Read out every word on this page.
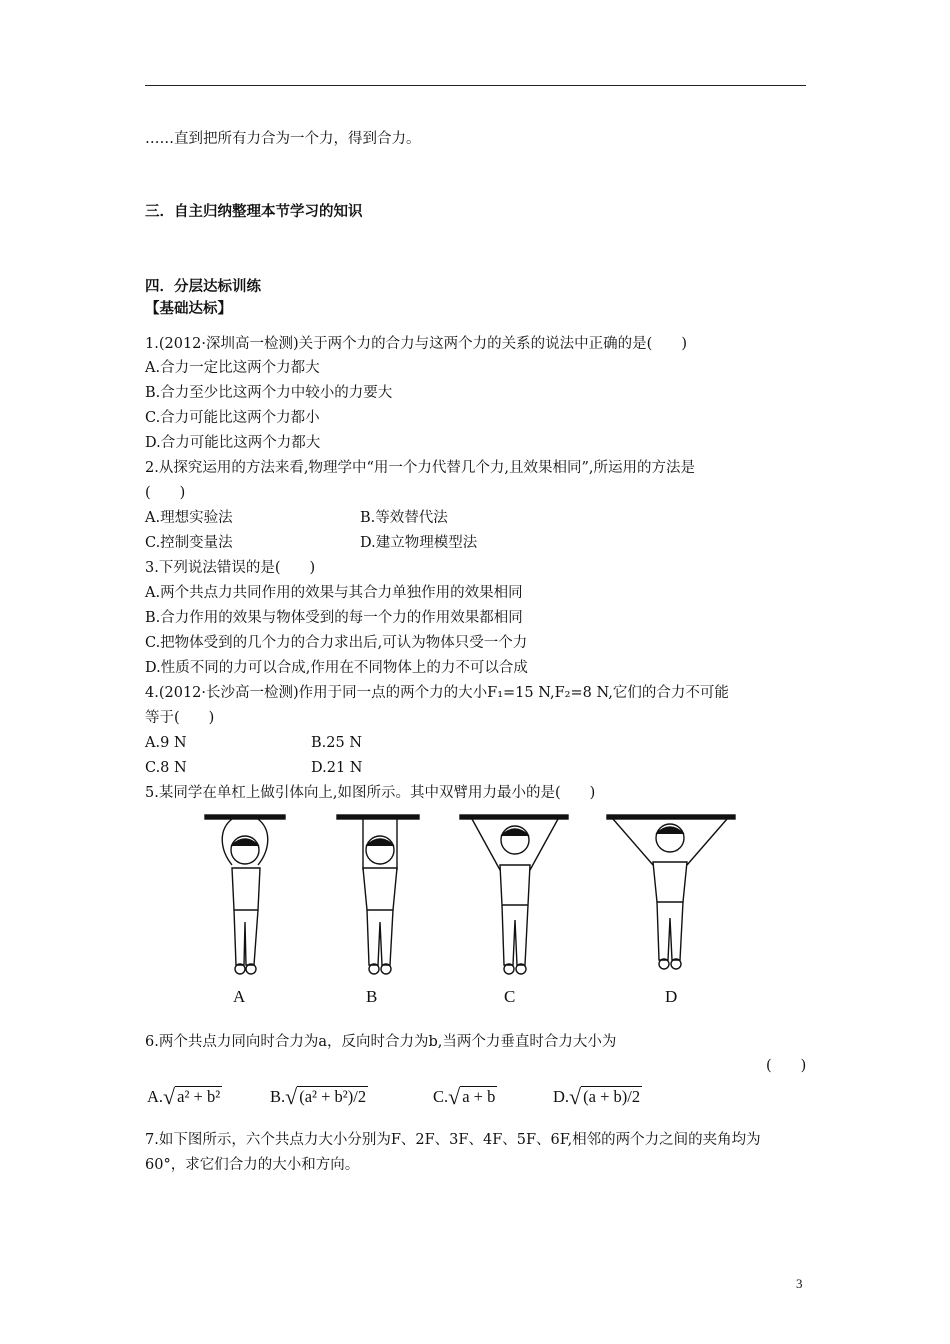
……直到把所有力合为一个力，得到合力。
三．自主归纳整理本节学习的知识
四．分层达标训练
【基础达标】
1.(2012·深圳高一检测)关于两个力的合力与这两个力的关系的说法中正确的是(　　)
A.合力一定比这两个力都大
B.合力至少比这两个力中较小的力要大
C.合力可能比这两个力都小
D.合力可能比这两个力都大
2.从探究运用的方法来看,物理学中“用一个力代替几个力,且效果相同”,所运用的方法是
(　　)
A.理想实验法	B.等效替代法
C.控制变量法	D.建立物理模型法
3.下列说法错误的是(　　)
A.两个共点力共同作用的效果与其合力单独作用的效果相同
B.合力作用的效果与物体受到的每一个力的作用效果都相同
C.把物体受到的几个力的合力求出后,可认为物体只受一个力
D.性质不同的力可以合成,作用在不同物体上的力不可以合成
4.(2012·长沙高一检测)作用于同一点的两个力的大小F₁=15 N,F₂=8 N,它们的合力不可能
等于(　　)
A.9 N	B.25 N
C.8 N	D.21 N
5.某同学在单杠上做引体向上,如图所示。其中双臂用力最小的是(　　)
A	B	C	D
6.两个共点力同向时合力为a，反向时合力为b,当两个力垂直时合力大小为
(　　)
A. √ a² + b²	B. √ (a² + b²)/2	C. √ a + b	D. √ (a + b)/2
7.如下图所示，六个共点力大小分别为F、2F、3F、4F、5F、6F,相邻的两个力之间的夹角均为
60°，求它们合力的大小和方向。
3
